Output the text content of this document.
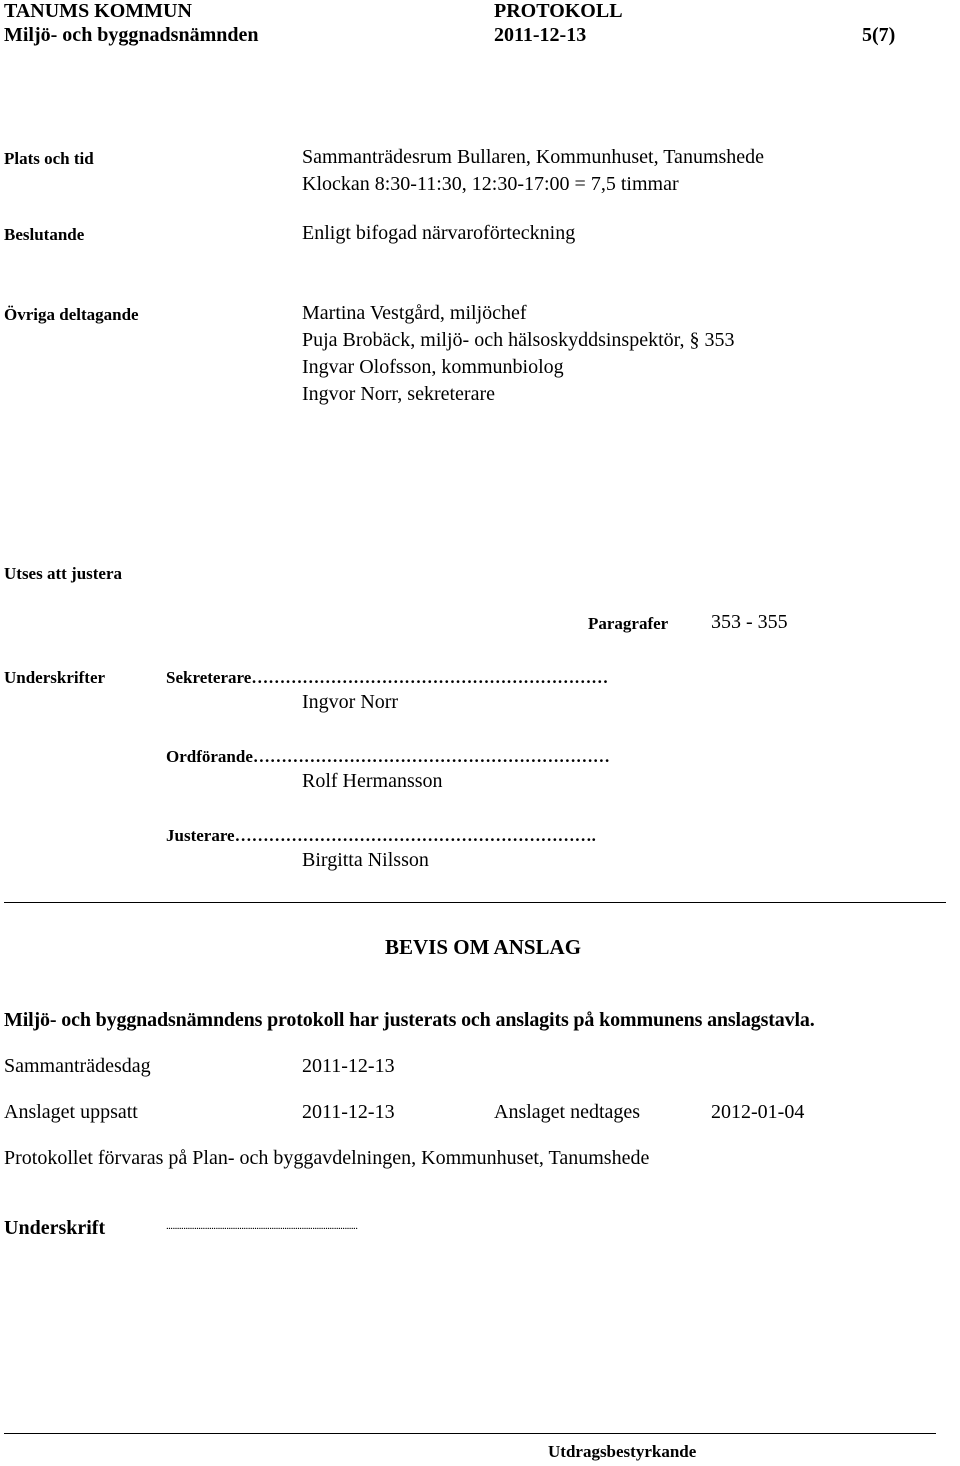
TANUMS KOMMUN	PROTOKOLL
Miljö- och byggnadsnämnden	2011-12-13	5(7)
Plats och tid	Sammanträdesrum Bullaren, Kommunhuset, Tanumshede
Klockan 8:30-11:30, 12:30-17:00 = 7,5 timmar
Beslutande	Enligt bifogad närvaroförteckning
Övriga deltagande	Martina Vestgård, miljöchef
Puja Brobäck, miljö- och hälsoskyddsinspektör, § 353
Ingvar Olofsson, kommunbiolog
Ingvor Norr, sekreterare
Utses att justera
Paragrafer 353 - 355
Underskrifter	Sekreterare………………………………………………………
Ingvor Norr
Ordförande………………………………………………………
Rolf Hermansson
Justerare……………………………………………………….
Birgitta Nilsson
BEVIS OM ANSLAG
Miljö- och byggnadsnämndens protokoll har justerats och anslagits på kommunens anslagstavla.
Sammanträdesdag	2011-12-13
Anslaget uppsatt	2011-12-13	Anslaget nedtages	2012-01-04
Protokollet förvaras på Plan- och byggavdelningen, Kommunhuset, Tanumshede
Underskrift	.........................................................................................
Utdragsbestyrkande
